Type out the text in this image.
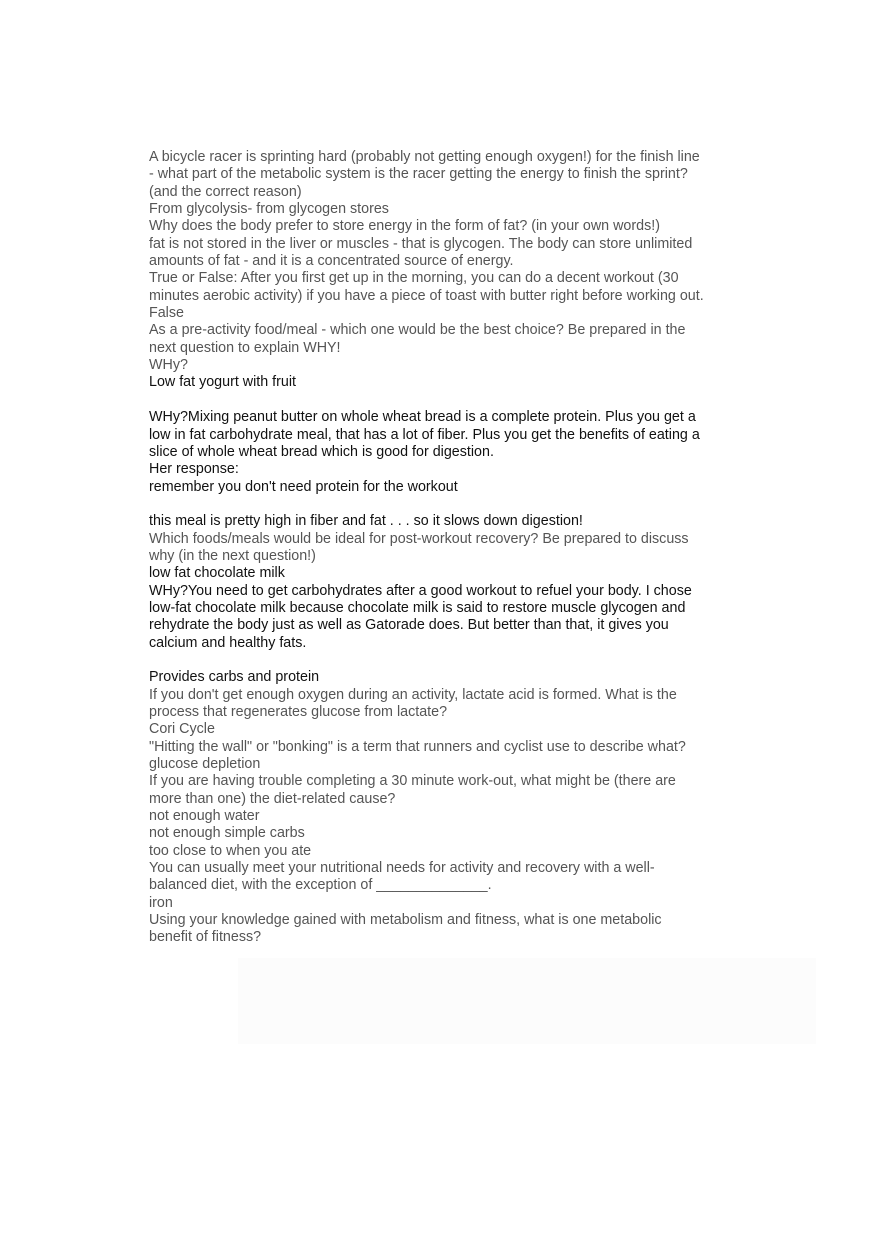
A bicycle racer is sprinting hard (probably not getting enough oxygen!) for the finish line
- what part of the metabolic system is the racer getting the energy to finish the sprint?
(and the correct reason)
From glycolysis- from glycogen stores
Why does the body prefer to store energy in the form of fat? (in your own words!)
fat is not stored in the liver or muscles - that is glycogen. The body can store unlimited
amounts of fat - and it is a concentrated source of energy.
True or False: After you first get up in the morning, you can do a decent workout (30
minutes aerobic activity) if you have a piece of toast with butter right before working out.
False
As a pre-activity food/meal - which one would be the best choice? Be prepared in the
next question to explain WHY!
WHy?
Low fat yogurt with fruit
WHy?Mixing peanut butter on whole wheat bread is a complete protein. Plus you get a
low in fat carbohydrate meal, that has a lot of fiber. Plus you get the benefits of eating a
slice of whole wheat bread which is good for digestion.
Her response:
remember you don't need protein for the workout
this meal is pretty high in fiber and fat . . . so it slows down digestion!
Which foods/meals would be ideal for post-workout recovery? Be prepared to discuss
why (in the next question!)
low fat chocolate milk
WHy?You need to get carbohydrates after a good workout to refuel your body. I chose
low-fat chocolate milk because chocolate milk is said to restore muscle glycogen and
rehydrate the body just as well as Gatorade does. But better than that, it gives you
calcium and healthy fats.
Provides carbs and protein
If you don't get enough oxygen during an activity, lactate acid is formed. What is the
process that regenerates glucose from lactate?
Cori Cycle
"Hitting the wall" or "bonking" is a term that runners and cyclist use to describe what?
glucose depletion
If you are having trouble completing a 30 minute work-out, what might be (there are
more than one) the diet-related cause?
not enough water
not enough simple carbs
too close to when you ate
You can usually meet your nutritional needs for activity and recovery with a well-
balanced diet, with the exception of ______________.
iron
Using your knowledge gained with metabolism and fitness, what is one metabolic
benefit of fitness?
